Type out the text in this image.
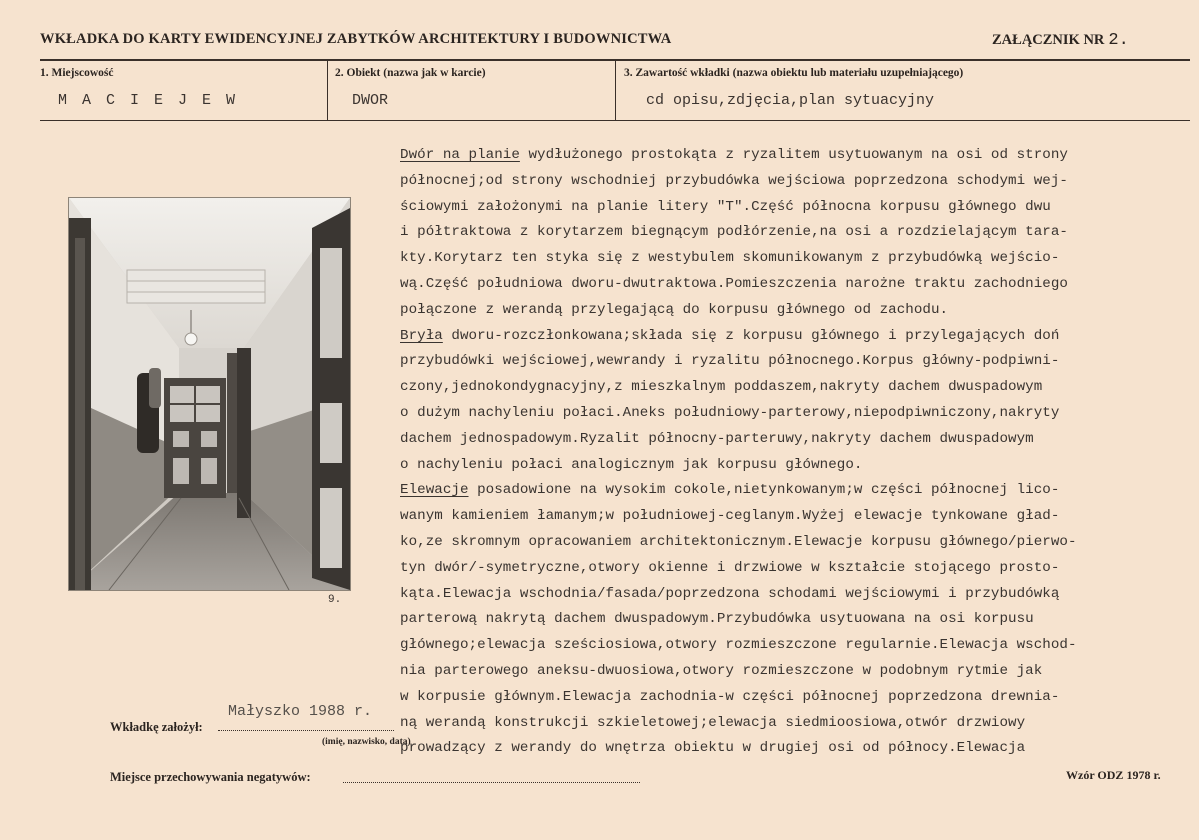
WKŁADKA DO KARTY EWIDENCYJNEJ ZABYTKÓW ARCHITEKTURY I BUDOWNICTWA	ZAŁĄCZNIK NR 2.
1. Miejscowość
M A C I E J E W
2. Obiekt (nazwa jak w karcie)
DWOR
3. Zawartość wkładki (nazwa obiektu lub materiału uzupełniającego)
cd opisu,zdjęcia,plan sytuacyjny
9.
Dwór na planie wydłużonego prostokąta z ryzalitem usytuowanym na osi od strony
północnej;od strony wschodniej przybudówka wejściowa poprzedzona schodymi wej-
ściowymi założonymi na planie litery "T".Część północna korpusu głównego dwu
i półtraktowa z korytarzem biegnącym podłórzenie,na osi a rozdzielającym tara-
kty.Korytarz ten styka się z westybulem skomunikowanym z przybudówką wejścio-
wą.Część południowa dworu-dwutraktowa.Pomieszczenia narożne traktu zachodniego
połączone z werandą przylegającą do korpusu głównego od zachodu.
Bryła dworu-rozczłonkowana;składa się z korpusu głównego i przylegających doń
przybudówki wejściowej,wewrandy i ryzalitu północnego.Korpus główny-podpiwni-
czony,jednokondygnacyjny,z mieszkalnym poddaszem,nakryty dachem dwuspadowym
o dużym nachyleniu połaci.Aneks południowy-parterowy,niepodpiwniczony,nakryty
dachem jednospadowym.Ryzalit północny-parteruwy,nakryty dachem dwuspadowym
o nachyleniu połaci analogicznym jak korpusu głównego.
Elewacje posadowione na wysokim cokole,nietynkowanym;w części północnej lico-
wanym kamieniem łamanym;w południowej-ceglanym.Wyżej elewacje tynkowane gład-
ko,ze skromnym opracowaniem architektonicznym.Elewacje korpusu głównego/pierwo-
tyn dwór/-symetryczne,otwory okienne i drzwiowe w kształcie stojącego prosto-
kąta.Elewacja wschodnia/fasada/poprzedzona schodami wejściowymi i przybudówką
parterową nakrytą dachem dwuspadowym.Przybudówka usytuowana na osi korpusu
głównego;elewacja sześciosiowa,otwory rozmieszczone regularnie.Elewacja wschod-
nia parterowego aneksu-dwuosiowa,otwory rozmieszczone w podobnym rytmie jak
w korpusie głównym.Elewacja zachodnia-w części północnej poprzedzona drewnia-
ną werandą konstrukcji szkieletowej;elewacja siedmioosiowa,otwór drzwiowy
prowadzący z werandy do wnętrza obiektu w drugiej osi od północy.Elewacja
Wkładkę założył:
Małyszko 1988 r.
(imię, nazwisko, data)
Miejsce przechowywania negatywów:	Wzór ODZ 1978 r.
